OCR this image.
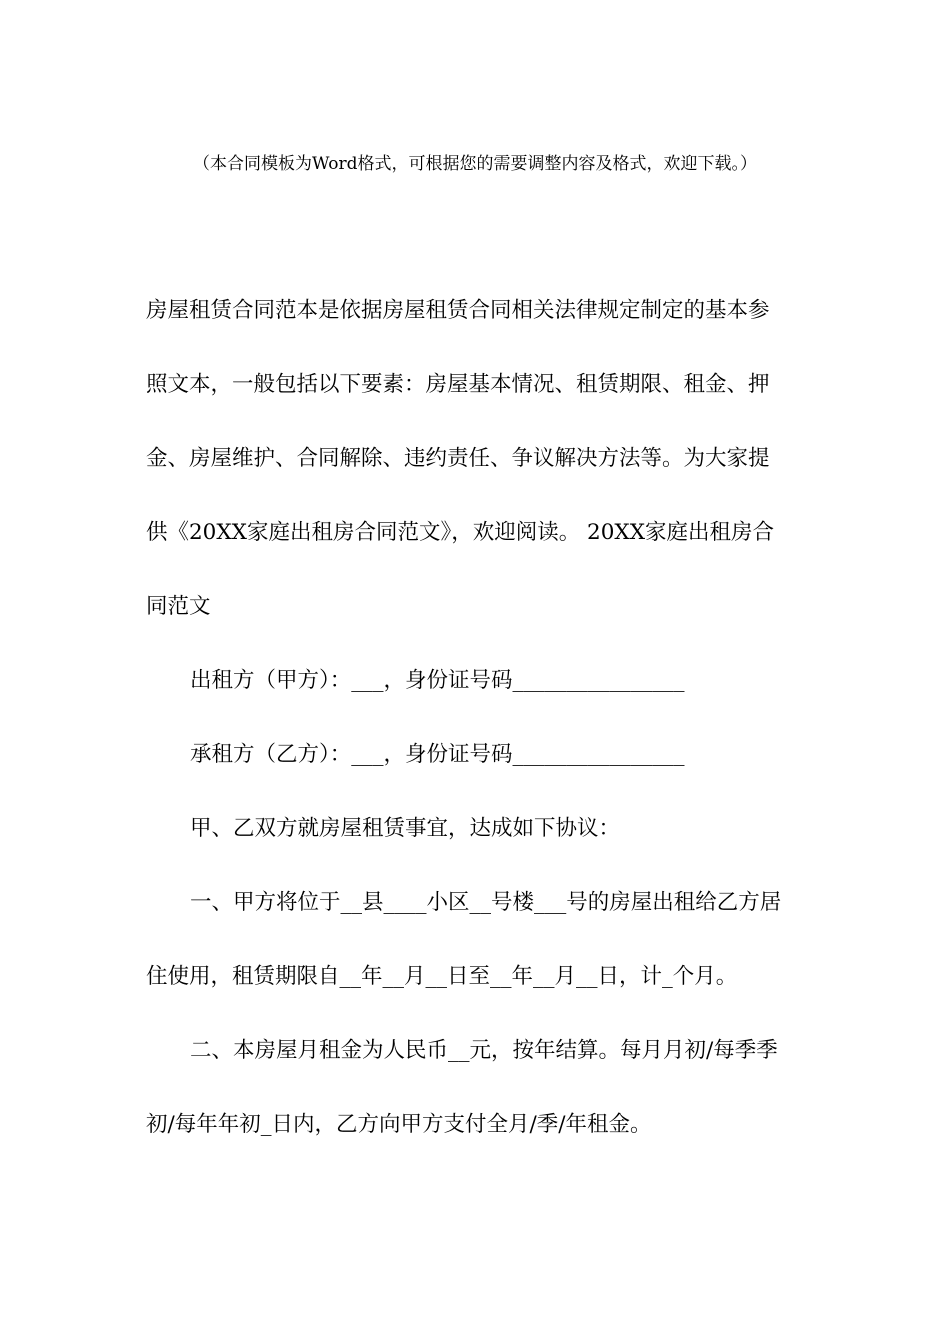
（本合同模板为Word格式，可根据您的需要调整内容及格式，欢迎下载。）
房屋租赁合同范本是依据房屋租赁合同相关法律规定制定的基本参
照文本，一般包括以下要素：房屋基本情况、租赁期限、租金、押
金、房屋维护、合同解除、违约责任、争议解决方法等。为大家提
供《20XX家庭出租房合同范文》，欢迎阅读。 20XX家庭出租房合
同范文
出租方（甲方）：___，身份证号码________________
承租方（乙方）：___，身份证号码________________
甲、乙双方就房屋租赁事宜，达成如下协议：
一、甲方将位于__县____小区__号楼___号的房屋出租给乙方居
住使用，租赁期限自__年__月__日至__年__月__日，计_个月。
二、本房屋月租金为人民币__元，按年结算。每月月初/每季季
初/每年年初_日内，乙方向甲方支付全月/季/年租金。
